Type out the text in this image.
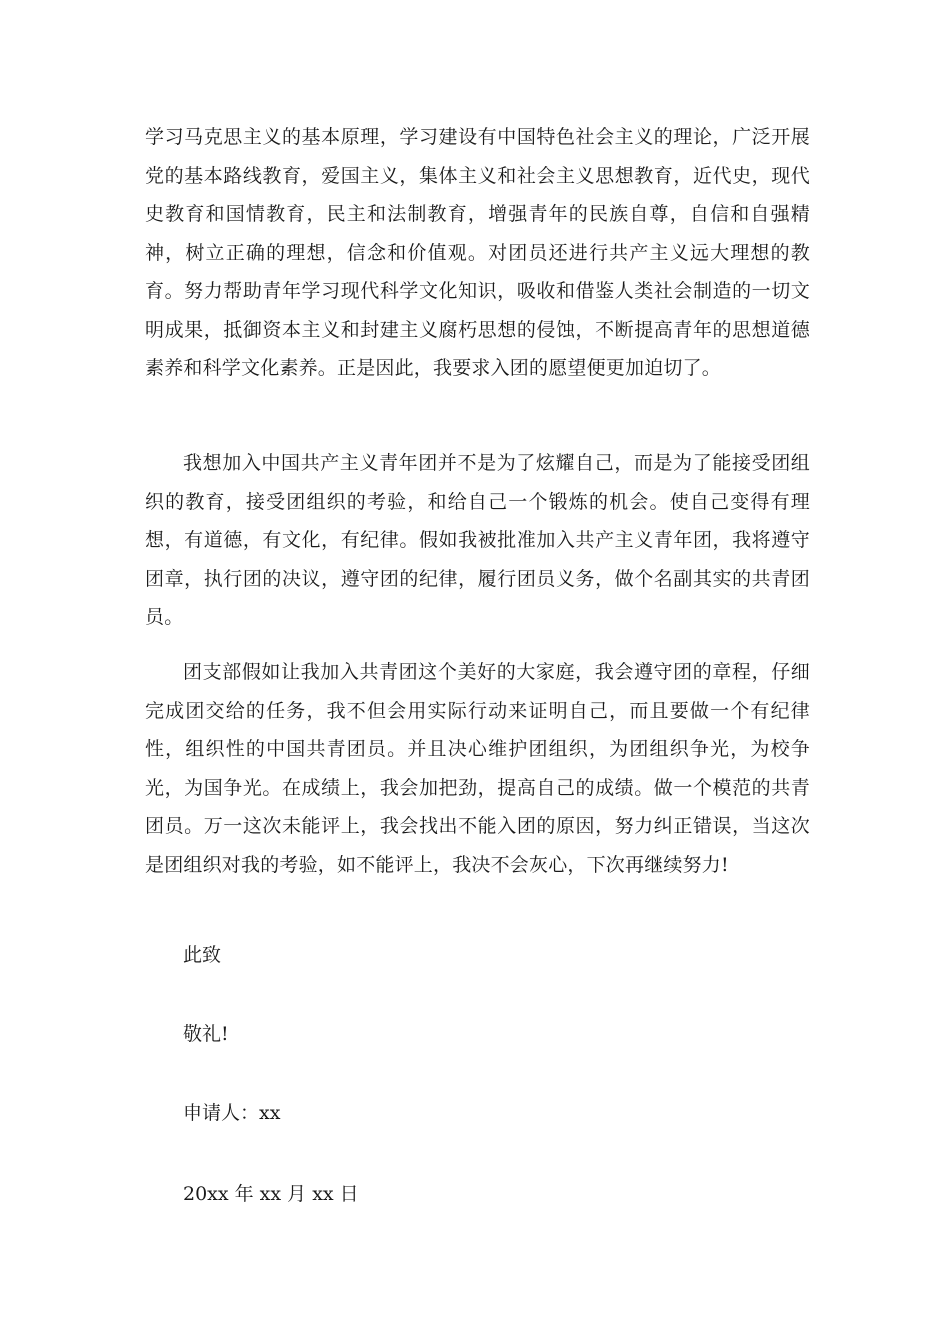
学习马克思主义的基本原理，学习建设有中国特色社会主义的理论，广泛开展党的基本路线教育，爱国主义，集体主义和社会主义思想教育，近代史，现代史教育和国情教育，民主和法制教育，增强青年的民族自尊，自信和自强精神，树立正确的理想，信念和价值观。对团员还进行共产主义远大理想的教育。努力帮助青年学习现代科学文化知识，吸收和借鉴人类社会制造的一切文明成果，抵御资本主义和封建主义腐朽思想的侵蚀，不断提高青年的思想道德素养和科学文化素养。正是因此，我要求入团的愿望便更加迫切了。

我想加入中国共产主义青年团并不是为了炫耀自己，而是为了能接受团组织的教育，接受团组织的考验，和给自己一个锻炼的机会。使自己变得有理想，有道德，有文化，有纪律。假如我被批准加入共产主义青年团，我将遵守团章，执行团的决议，遵守团的纪律，履行团员义务，做个名副其实的共青团员。

团支部假如让我加入共青团这个美好的大家庭，我会遵守团的章程，仔细完成团交给的任务，我不但会用实际行动来证明自己，而且要做一个有纪律性，组织性的中国共青团员。并且决心维护团组织，为团组织争光，为校争光，为国争光。在成绩上，我会加把劲，提高自己的成绩。做一个模范的共青团员。万一这次未能评上，我会找出不能入团的原因，努力纠正错误，当这次是团组织对我的考验，如不能评上，我决不会灰心，下次再继续努力!

此致

敬礼!

申请人：xx

20xx 年 xx 月 xx 日
